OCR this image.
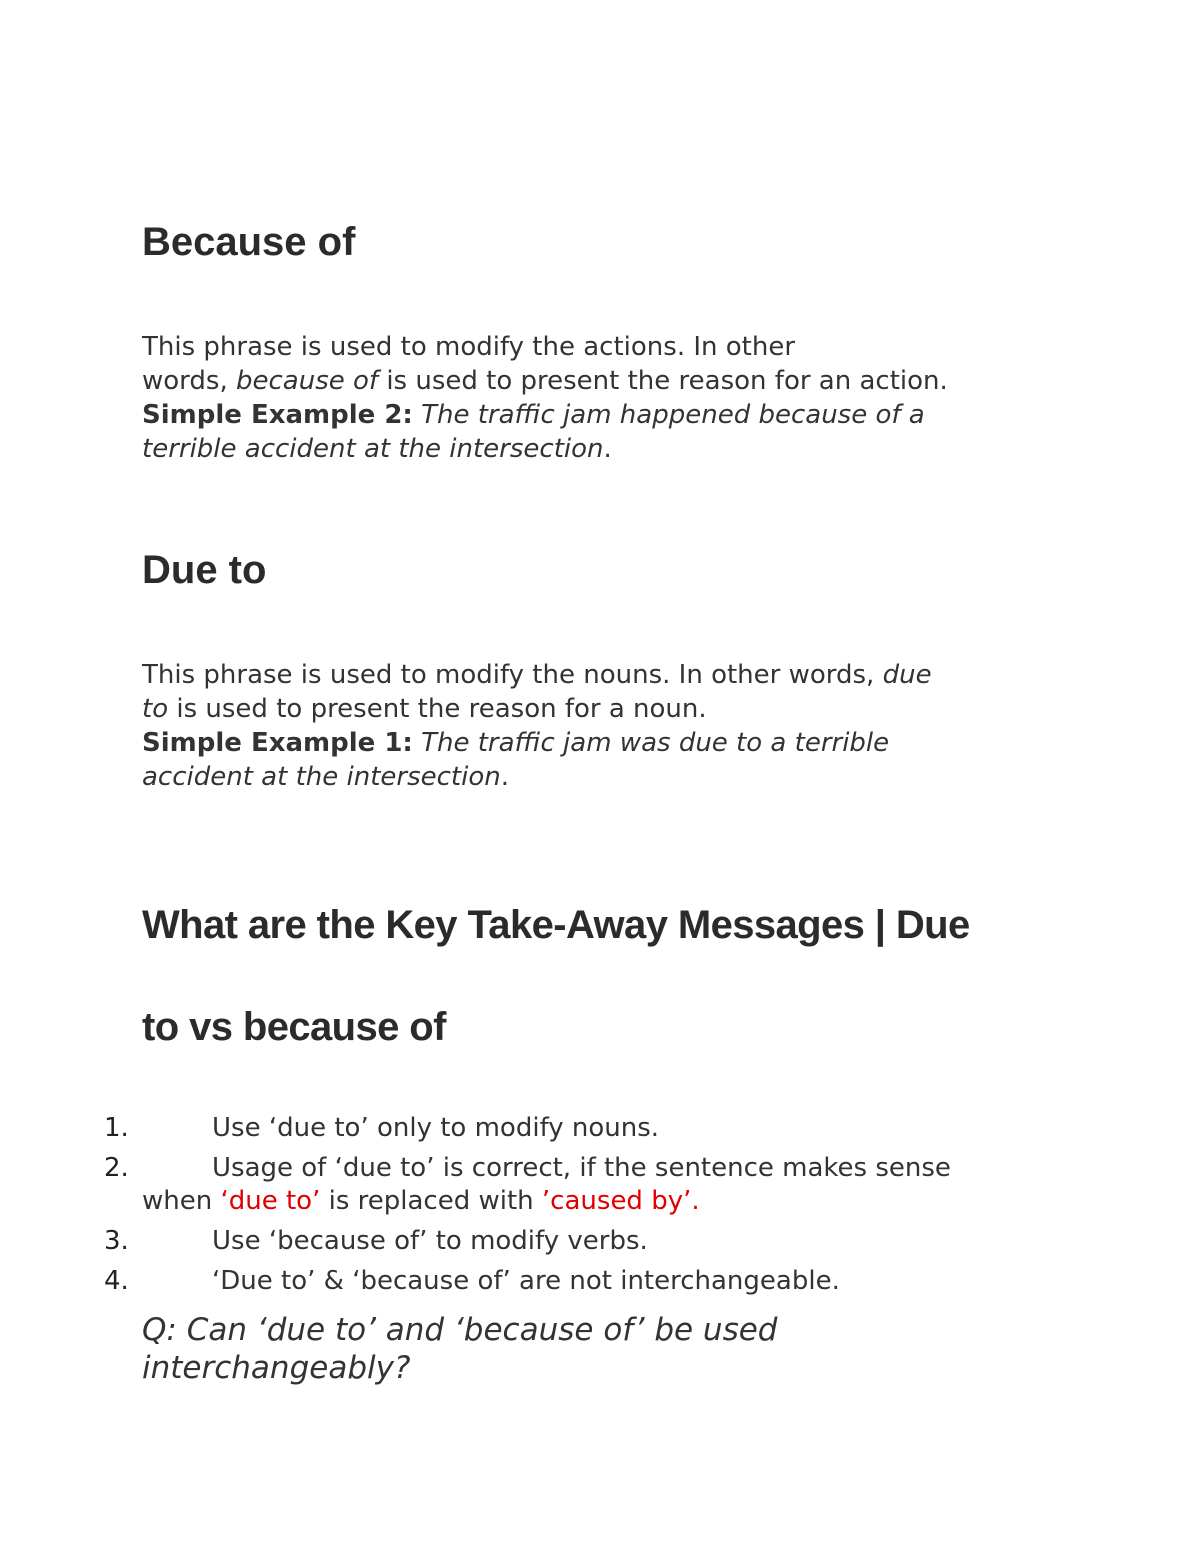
Because of

This phrase is used to modify the actions. In other

words, because of is used to present the reason for an action.

Simple Example 2: The traffic jam happened because of a

terrible accident at the intersection.

Due to

This phrase is used to modify the nouns. In other words, due

to is used to present the reason for a noun.

Simple Example 1: The traffic jam was due to a terrible

accident at the intersection.

What are the Key Take-Away Messages | Due
to vs because of
1.	Use ‘due to’ only to modify nouns.
2.	Usage of ‘due to’ is correct, if the sentence makes sense
when ‘due to’ is replaced with ’caused by’.
3.	Use ‘because of’ to modify verbs.
4.	‘Due to’ & ‘because of’ are not interchangeable.
Q: Can ‘due to’ and ‘because of’ be used
interchangeably?
